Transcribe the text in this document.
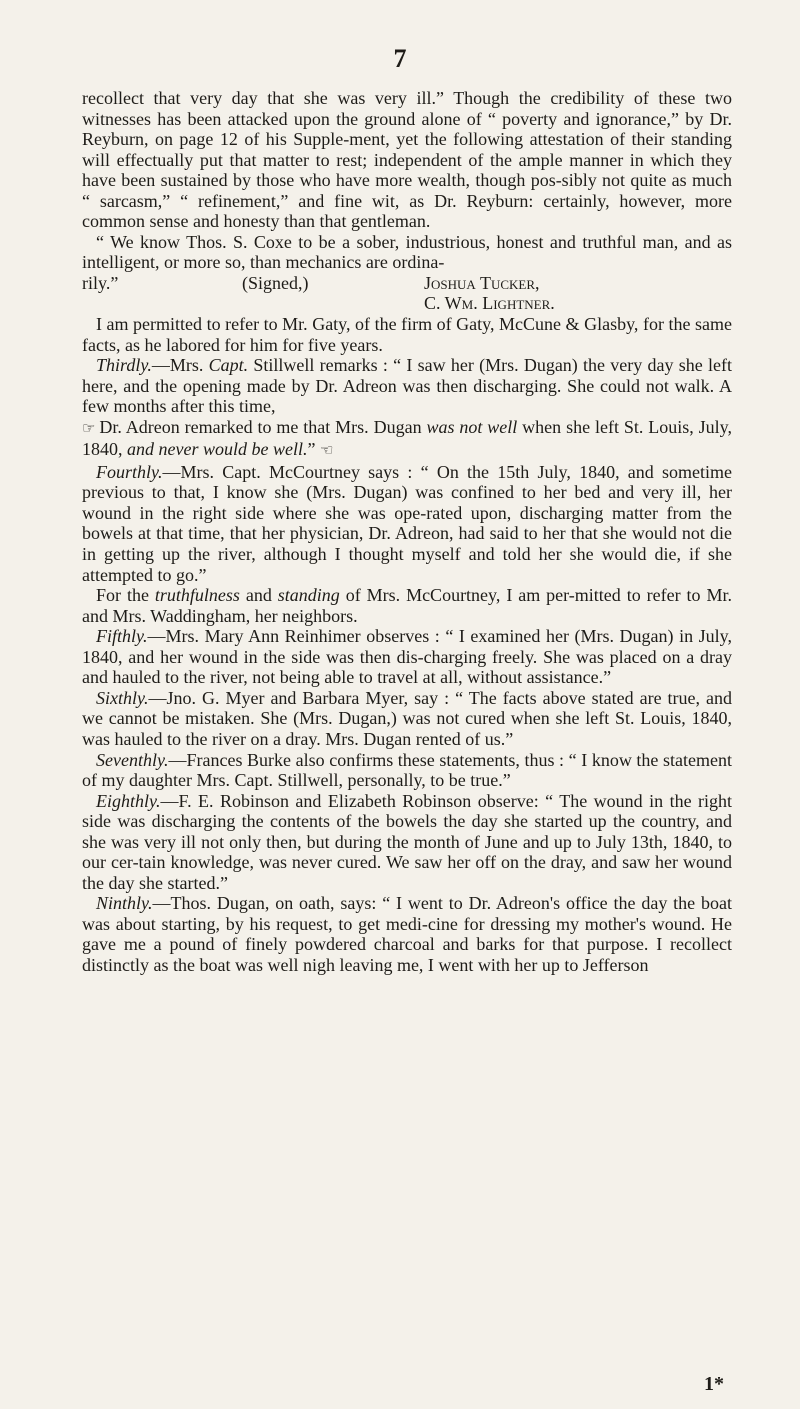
7

recollect that very day that she was very ill.” Though the credibility of these two witnesses has been attacked upon the ground alone of “ poverty and ignorance,” by Dr. Reyburn, on page 12 of his Supple-ment, yet the following attestation of their standing will effectually put that matter to rest; independent of the ample manner in which they have been sustained by those who have more wealth, though pos-sibly not quite as much “ sarcasm,” “ refinement,” and fine wit, as Dr. Reyburn: certainly, however, more common sense and honesty than that gentleman.

“ We know Thos. S. Coxe to be a sober, industrious, honest and truthful man, and as intelligent, or more so, than mechanics are ordina-

rily.”	(Signed,)	Joshua Tucker,
C. Wm. Lightner.

I am permitted to refer to Mr. Gaty, of the firm of Gaty, McCune & Glasby, for the same facts, as he labored for him for five years.

Thirdly.—Mrs. Capt. Stillwell remarks : “ I saw her (Mrs. Dugan) the very day she left here, and the opening made by Dr. Adreon was then discharging. She could not walk. A few months after this time,

☞ Dr. Adreon remarked to me that Mrs. Dugan was not well when she left St. Louis, July, 1840, and never would be well.” ☜

Fourthly.—Mrs. Capt. McCourtney says : “ On the 15th July, 1840, and sometime previous to that, I know she (Mrs. Dugan) was confined to her bed and very ill, her wound in the right side where she was ope-rated upon, discharging matter from the bowels at that time, that her physician, Dr. Adreon, had said to her that she would not die in getting up the river, although I thought myself and told her she would die, if she attempted to go.”

For the truthfulness and standing of Mrs. McCourtney, I am per-mitted to refer to Mr. and Mrs. Waddingham, her neighbors.

Fifthly.—Mrs. Mary Ann Reinhimer observes : “ I examined her (Mrs. Dugan) in July, 1840, and her wound in the side was then dis-charging freely. She was placed on a dray and hauled to the river, not being able to travel at all, without assistance.”

Sixthly.—Jno. G. Myer and Barbara Myer, say : “ The facts above stated are true, and we cannot be mistaken. She (Mrs. Dugan,) was not cured when she left St. Louis, 1840, was hauled to the river on a dray. Mrs. Dugan rented of us.”

Seventhly.—Frances Burke also confirms these statements, thus : “ I know the statement of my daughter Mrs. Capt. Stillwell, personally, to be true.”

Eighthly.—F. E. Robinson and Elizabeth Robinson observe: “ The wound in the right side was discharging the contents of the bowels the day she started up the country, and she was very ill not only then, but during the month of June and up to July 13th, 1840, to our cer-tain knowledge, was never cured. We saw her off on the dray, and saw her wound the day she started.”

Ninthly.—Thos. Dugan, on oath, says: “ I went to Dr. Adreon's office the day the boat was about starting, by his request, to get medi-cine for dressing my mother's wound. He gave me a pound of finely powdered charcoal and barks for that purpose. I recollect distinctly as the boat was well nigh leaving me, I went with her up to Jefferson

1*
